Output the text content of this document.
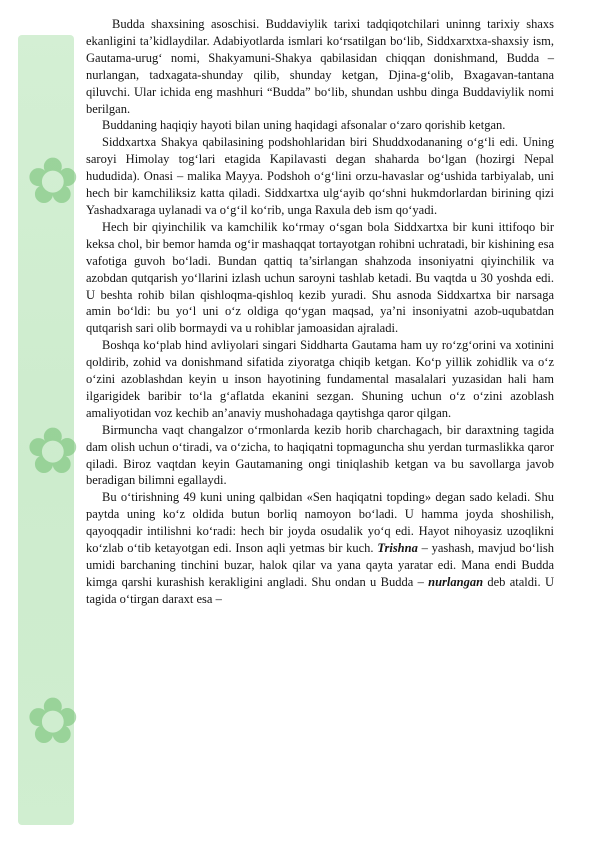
✿
✿
✿

Budda shaxsining asoschisi. Buddaviylik tarixi tadqiqotchilari uninng tarixiy shaxs ekanligini ta’kidlaydilar. Adabiyotlarda ismlari ko‘rsatilgan bo‘lib, Siddxarxtxa-shaxsiy ism, Gautama-urug‘ nomi, Shakyamuni-Shakya qabilasidan chiqqan donishmand, Budda –nurlangan, tadxagata-shunday qilib, shunday ketgan, Djina-g‘olib, Bxagavan-tantana qiluvchi. Ular ichida eng mashhuri “Budda” bo‘lib, shundan ushbu dinga Buddaviylik nomi berilgan.

Buddaning haqiqiy hayoti bilan uning haqidagi afsonalar o‘zaro qorishib ketgan.

Siddxartxa Shakya qabilasining podshohlaridan biri Shuddxodananing o‘g‘li edi. Uning saroyi Himolay tog‘lari etagida Kapilavasti degan shaharda bo‘lgan (hozirgi Nepal hududida). Onasi – malika Mayya. Podshoh o‘g‘lini orzu-havaslar og‘ushida tarbiyalab, uni hech bir kamchiliksiz katta qiladi. Siddxartxa ulg‘ayib qo‘shni hukmdorlardan birining qizi Yashadxaraga uylanadi va o‘g‘il ko‘rib, unga Raxula deb ism qo‘yadi.

Hech bir qiyinchilik va kamchilik ko‘rmay o‘sgan bola Siddxartxa bir kuni ittifoqo bir keksa chol, bir bemor hamda og‘ir mashaqqat tortayotgan rohibni uchratadi, bir kishining esa vafotiga guvoh bo‘ladi. Bundan qattiq ta’sirlangan shahzoda insoniyatni qiyinchilik va azobdan qutqarish yo‘llarini izlash uchun saroyni tashlab ketadi. Bu vaqtda u 30 yoshda edi. U beshta rohib bilan qishloqma-qishloq kezib yuradi. Shu asnoda Siddxartxa bir narsaga amin bo‘ldi: bu yo‘l uni o‘z oldiga qo‘ygan maqsad, ya’ni insoniyatni azob-uqubatdan qutqarish sari olib bormaydi va u rohiblar jamoasidan ajraladi.

Boshqa ko‘plab hind avliyolari singari Siddharta Gautama ham uy ro‘zg‘orini va xotinini qoldirib, zohid va donishmand sifatida ziyoratga chiqib ketgan. Ko‘p yillik zohidlik va o‘z o‘zini azoblashdan keyin u inson hayotining fundamental masalalari yuzasidan hali ham ilgarigidek baribir to‘la g‘aflatda ekanini sezgan. Shuning uchun o‘z o‘zini azoblash amaliyotidan voz kechib an’anaviy mushohadaga qaytishga qaror qilgan.

Birmuncha vaqt changalzor o‘rmonlarda kezib horib charchagach, bir daraxtning tagida dam olish uchun o‘tiradi, va o‘zicha, to haqiqatni topmaguncha shu yerdan turmaslikka qaror qiladi. Biroz vaqtdan keyin Gautamaning ongi tiniqlashib ketgan va bu savollarga javob beradigan bilimni egallaydi.

Bu o‘tirishning 49 kuni uning qalbidan «Sen haqiqatni topding» degan sado keladi. Shu paytda uning ko‘z oldida butun borliq namoyon bo‘ladi. U hamma joyda shoshilish, qayoqqadir intilishni ko‘radi: hech bir joyda osudalik yo‘q edi. Hayot nihoyasiz uzoqlikni ko‘zlab o‘tib ketayotgan edi. Inson aqli yetmas bir kuch. Trishna – yashash, mavjud bo‘lish umidi barchaning tinchini buzar, halok qilar va yana qayta yaratar edi. Mana endi Budda kimga qarshi kurashish kerakligini angladi. Shu ondan u Budda – nurlangan deb ataldi. U tagida o‘tirgan daraxt esa –
